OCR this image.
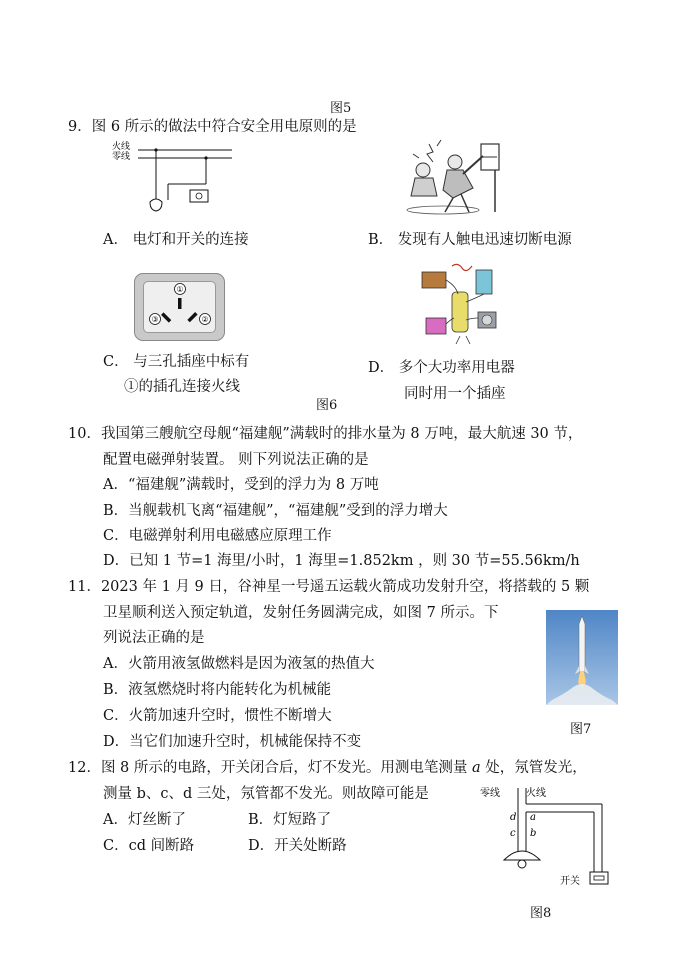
图5
9．图 6 所示的做法中符合安全用电原则的是
火线
零线
A． 电灯和开关的连接	B． 发现有人触电迅速切断电源
①
③	②
C． 与三孔插座中标有
①的插孔连接火线
D． 多个大功率用电器
同时用一个插座
图6
10．我国第三艘航空母舰“福建舰”满载时的排水量为 8 万吨，最大航速 30 节，
配置电磁弹射装置。 则下列说法正确的是
A．“福建舰”满载时，受到的浮力为 8 万吨
B．当舰载机飞离“福建舰”，“福建舰”受到的浮力增大
C．电磁弹射利用电磁感应原理工作
D．已知 1 节=1 海里/小时，1 海里=1.852km ，则 30 节=55.56km/h
11．2023 年 1 月 9 日，谷神星一号遥五运载火箭成功发射升空，将搭载的 5 颗
卫星顺利送入预定轨道，发射任务圆满完成，如图 7 所示。下
列说法正确的是
A．火箭用液氢做燃料是因为液氢的热值大
B．液氢燃烧时将内能转化为机械能
C．火箭加速升空时，惯性不断增大
D．当它们加速升空时，机械能保持不变
图7
12．图 8 所示的电路，开关闭合后，灯不发光。用测电笔测量 a 处，氖管发光，
测量 b、c、d 三处，氖管都不发光。则故障可能是
A．灯丝断了	B．灯短路了
C．cd 间断路	D．开关处断路
零线	火线
d a
c b
开关
图8
